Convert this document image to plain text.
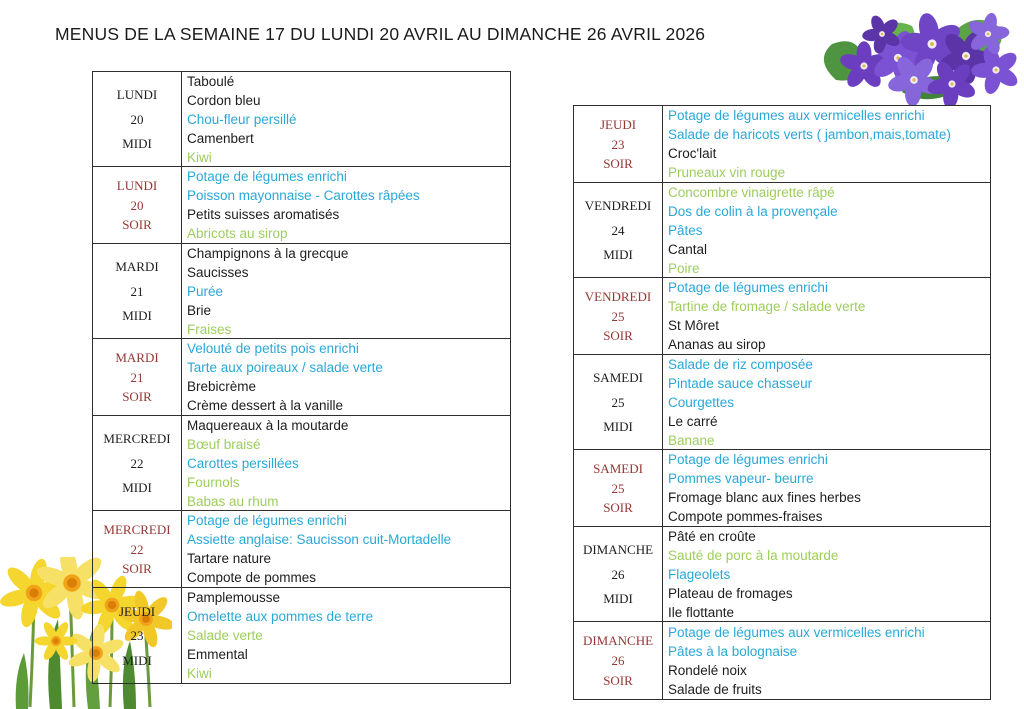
MENUS DE LA SEMAINE 17 DU LUNDI 20 AVRIL AU DIMANCHE 26 AVRIL 2026
LUNDI
20
MIDI
Taboulé
Cordon bleu
Chou-fleur persillé
Camenbert
Kiwi
LUNDI
20
SOIR
Potage de légumes enrichi
Poisson mayonnaise - Carottes râpées
Petits suisses aromatisés
Abricots au sirop
MARDI
21
MIDI
Champignons à la grecque
Saucisses
Purée
Brie
Fraises
MARDI
21
SOIR
Velouté de petits pois enrichi
Tarte aux poireaux / salade verte
Brebicrème
Crème dessert à la vanille
MERCREDI
22
MIDI
Maquereaux à la moutarde
Bœuf braisé
Carottes persillées
Fournols
Babas au rhum
MERCREDI
22
SOIR
Potage de légumes enrichi
Assiette anglaise: Saucisson cuit-Mortadelle
Tartare nature
Compote de pommes
JEUDI
23
MIDI
Pamplemousse
Omelette aux pommes de terre
Salade verte
Emmental
Kiwi
JEUDI
23
SOIR
Potage de légumes aux vermicelles enrichi
Salade de haricots verts ( jambon,mais,tomate)
Croc'lait
Pruneaux vin rouge
VENDREDI
24
MIDI
Concombre vinaigrette râpé
Dos de colin à la provençale
Pâtes
Cantal
Poire
VENDREDI
25
SOIR
Potage de légumes enrichi
Tartine de fromage / salade verte
St Môret
Ananas au sirop
SAMEDI
25
MIDI
Salade de riz composée
Pintade sauce chasseur
Courgettes
Le carré
Banane
SAMEDI
25
SOIR
Potage de légumes enrichi
Pommes vapeur- beurre
Fromage blanc aux fines herbes
Compote pommes-fraises
DIMANCHE
26
MIDI
Pâté en croûte
Sauté de porc à la moutarde
Flageolets
Plateau de fromages
Ile flottante
DIMANCHE
26
SOIR
Potage de légumes aux vermicelles enrichi
Pâtes à la bolognaise
Rondelé noix
Salade de fruits
